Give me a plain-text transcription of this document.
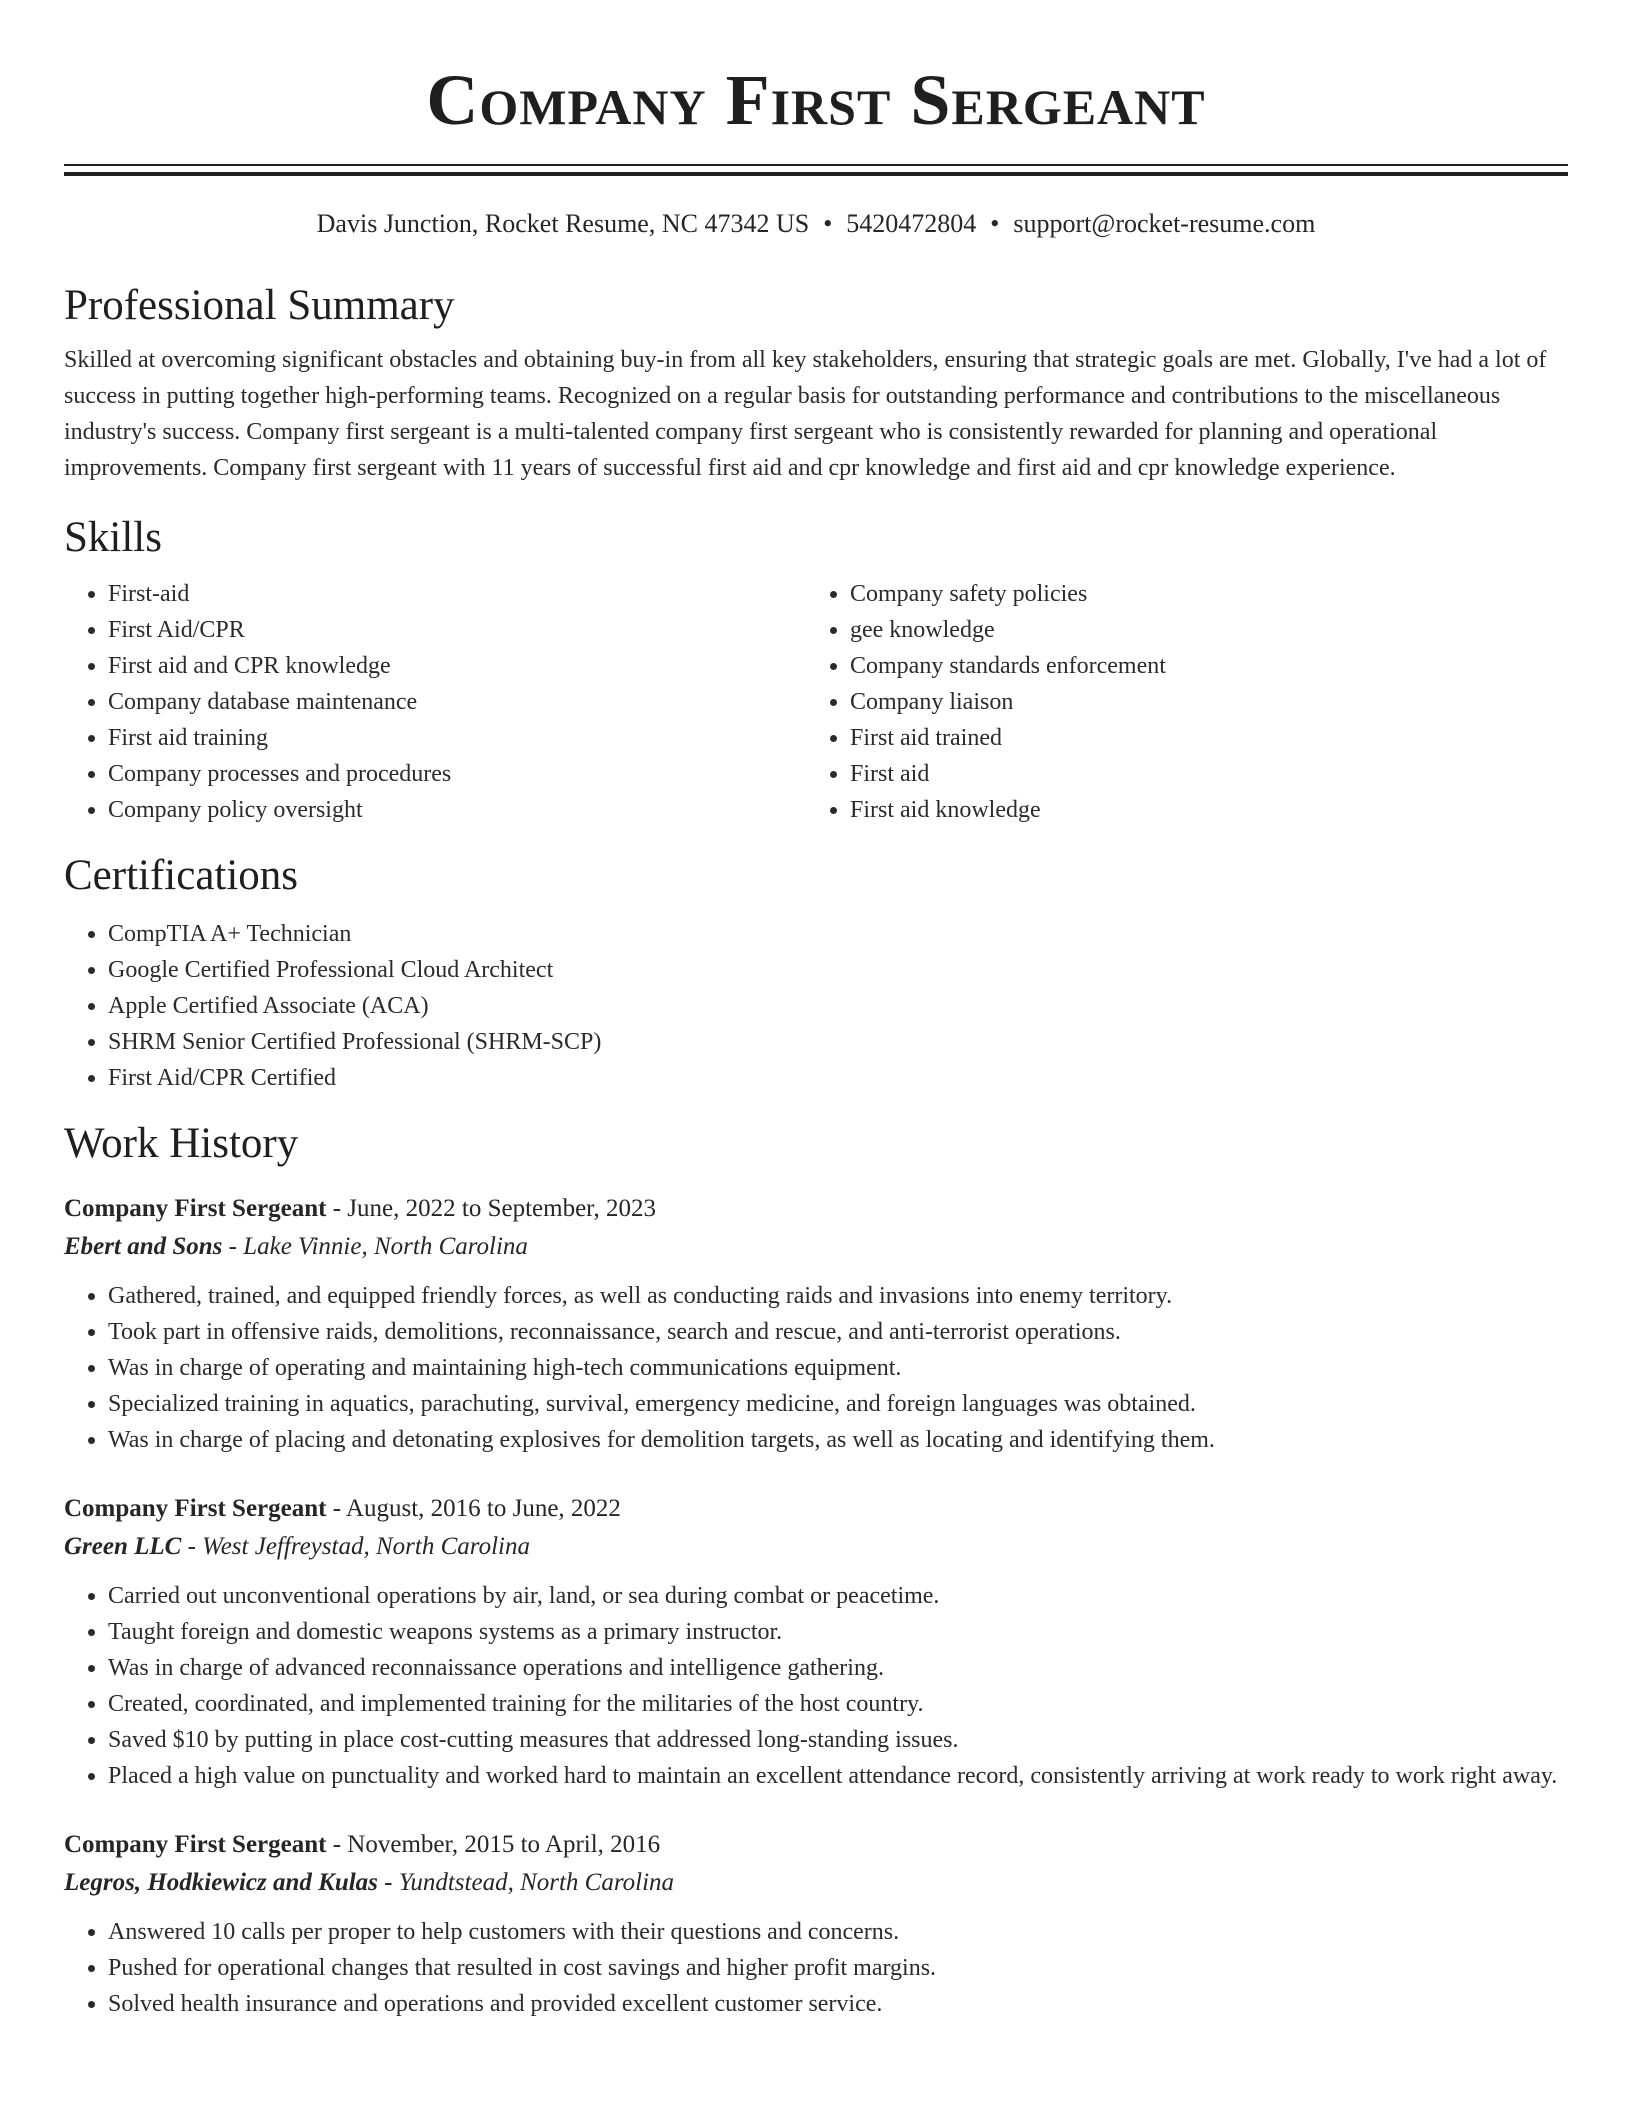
Company First Sergeant
Davis Junction, Rocket Resume, NC 47342 US • 5420472804 • support@rocket-resume.com
Professional Summary

Skilled at overcoming significant obstacles and obtaining buy-in from all key stakeholders, ensuring that strategic goals are met. Globally, I've had a lot of success in putting together high-performing teams. Recognized on a regular basis for outstanding performance and contributions to the miscellaneous industry's success. Company first sergeant is a multi-talented company first sergeant who is consistently rewarded for planning and operational improvements. Company first sergeant with 11 years of successful first aid and cpr knowledge and first aid and cpr knowledge experience.

Skills
• First-aid
• First Aid/CPR
• First aid and CPR knowledge
• Company database maintenance
• First aid training
• Company processes and procedures
• Company policy oversight
• Company safety policies
• gee knowledge
• Company standards enforcement
• Company liaison
• First aid trained
• First aid
• First aid knowledge
Certifications
• CompTIA A+ Technician
• Google Certified Professional Cloud Architect
• Apple Certified Associate (ACA)
• SHRM Senior Certified Professional (SHRM-SCP)
• First Aid/CPR Certified
Work History
Company First Sergeant - June, 2022 to September, 2023
Ebert and Sons - Lake Vinnie, North Carolina
• Gathered, trained, and equipped friendly forces, as well as conducting raids and invasions into enemy territory.
• Took part in offensive raids, demolitions, reconnaissance, search and rescue, and anti-terrorist operations.
• Was in charge of operating and maintaining high-tech communications equipment.
• Specialized training in aquatics, parachuting, survival, emergency medicine, and foreign languages was obtained.
• Was in charge of placing and detonating explosives for demolition targets, as well as locating and identifying them.
Company First Sergeant - August, 2016 to June, 2022
Green LLC - West Jeffreystad, North Carolina
• Carried out unconventional operations by air, land, or sea during combat or peacetime.
• Taught foreign and domestic weapons systems as a primary instructor.
• Was in charge of advanced reconnaissance operations and intelligence gathering.
• Created, coordinated, and implemented training for the militaries of the host country.
• Saved $10 by putting in place cost-cutting measures that addressed long-standing issues.
• Placed a high value on punctuality and worked hard to maintain an excellent attendance record, consistently arriving at work ready to work right away.
Company First Sergeant - November, 2015 to April, 2016
Legros, Hodkiewicz and Kulas - Yundtstead, North Carolina
• Answered 10 calls per proper to help customers with their questions and concerns.
• Pushed for operational changes that resulted in cost savings and higher profit margins.
• Solved health insurance and operations and provided excellent customer service.
